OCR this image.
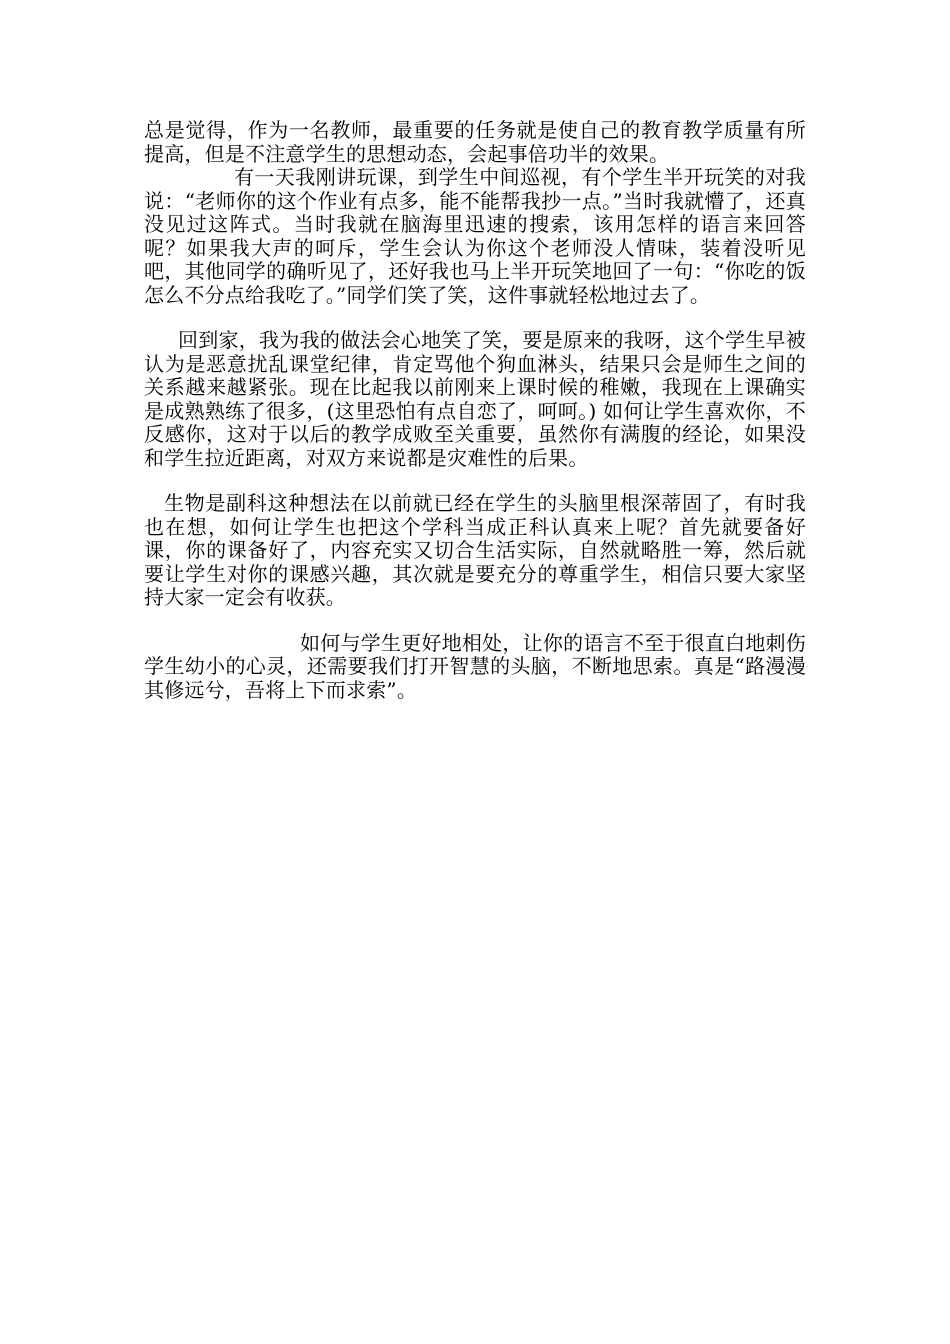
总是觉得，作为一名教师，最重要的任务就是使自己的教育教学质量有所提高，但是不注意学生的思想动态，会起事倍功半的效果。

有一天我刚讲玩课，到学生中间巡视，有个学生半开玩笑的对我说：“老师你的这个作业有点多，能不能帮我抄一点。”当时我就懵了，还真没见过这阵式。当时我就在脑海里迅速的搜索，该用怎样的语言来回答呢？如果我大声的呵斥，学生会认为你这个老师没人情味，装着没听见吧，其他同学的确听见了，还好我也马上半开玩笑地回了一句：“你吃的饭怎么不分点给我吃了。”同学们笑了笑，这件事就轻松地过去了。

回到家，我为我的做法会心地笑了笑，要是原来的我呀，这个学生早被认为是恶意扰乱课堂纪律，肯定骂他个狗血淋头，结果只会是师生之间的关系越来越紧张。现在比起我以前刚来上课时候的稚嫩，我现在上课确实是成熟熟练了很多，(这里恐怕有点自恋了，呵呵。) 如何让学生喜欢你，不反感你，这对于以后的教学成败至关重要，虽然你有满腹的经论，如果没和学生拉近距离，对双方来说都是灾难性的后果。

生物是副科这种想法在以前就已经在学生的头脑里根深蒂固了，有时我也在想，如何让学生也把这个学科当成正科认真来上呢？首先就要备好课，你的课备好了，内容充实又切合生活实际，自然就略胜一筹，然后就要让学生对你的课感兴趣，其次就是要充分的尊重学生，相信只要大家坚持大家一定会有收获。

如何与学生更好地相处，让你的语言不至于很直白地刺伤学生幼小的心灵，还需要我们打开智慧的头脑，不断地思索。真是“路漫漫其修远兮，吾将上下而求索”。
